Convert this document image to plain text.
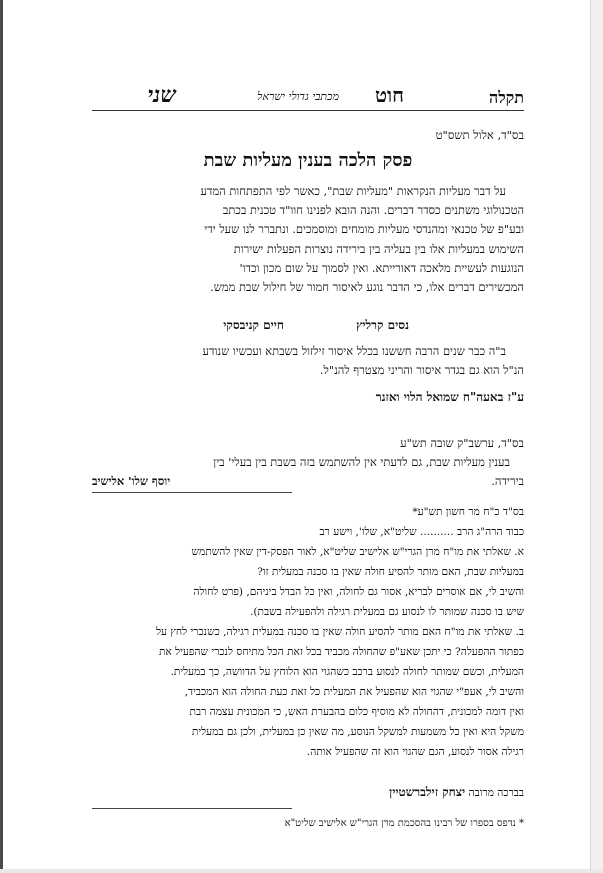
תקלה
חוט
מכתבי גדולי ישראל
שני
בס"ד, אלול תשס"ט
פסק הלכה בענין מעליות שבת
על דבר מעליות הנקראות "מעליות שבת", כאשר לפי התפתחות המדע
הטכנולוגי משתנים כסדר דברים. והנה הובא לפנינו חוו"ד טכנית בכתב
ובע"פ של טכנאי ומהנדסי מעליות מומחים ומוסמכים. ונתברר לנו שעל ידי
השימוש במעליות אלו בין בעליה בין בירידה נוצרות הפעלות ישירות
הנוגעות לעשיית מלאכה דאורייתא. ואין לסמוך על שום מכון וכדו'
המכשירים דברים אלו, כי הדבר נוגע לאיסור חמור של חילול שבת ממש.
נסים קרליץ
חיים קניבסקי
ב"ה כבר שנים הרבה חששנו בכלל איסור זילזול בשבתא ועכשיו שנודע
הנ"ל הוא גם בגדר איסור והריני מצטרף להנ"ל.
ע"ז באעה"ח שמואל הלוי ואזנר
בס"ד, ערשב"ק שובה תש"ע
בענין מעליות שבת, גם לדעתי אין להשתמש בזה בשבת בין בעלי' בין
בירידה.
יוסף שלו' אלישיב
בס"ד כ"ח מר חשון תש"ע*
כבוד הרה"ג הרב .......... שליט"א, שלו', וישע רב
א. שאלתי את מו"ח מרן הגרי"ש אלישיב שליט"א, לאור הפסק-דין שאין להשתמש
במעליות שבת, האם מותר להסיע חולה שאין בו סכנה במעלית זו?
והשיב לי, אם אוסרים לבריא, אסור גם לחולה, ואין כל הבדל ביניהם, (פרט לחולה
שיש בו סכנה שמותר לו לנסוע גם במעלית רגילה ולהפעילה בשבת).
ב. שאלתי את מו"ח האם מותר להסיע חולה שאין בו סכנה במעלית רגילה, כשנכרי לחץ על
כפתור ההפעלה? כי יתכן שאע"פ שהחולה מכביד בכל זאת הכל מתיחס לנכרי שהפעיל את
המעלית, וכשם שמותר לחולה לנסוע ברכב כשהגוי הוא הלוחץ על הדוושה, כך במעלית.
והשיב לי, אעפ"י שהגוי הוא שהפעיל את המעלית כל זאת כעת החולה הוא המכביד,
ואין דומה למכונית, דהחולה לא מוסיף כלום בהבערת האש, כי המכונית עצמה רבת
משקל היא ואין כל משמעות למשקל הנוסע, מה שאין כן במעלית, ולכן גם במעלית
רגילה אסור לנסוע, הגם שהגוי הוא זה שהפעיל אותה.
בברכה מרובה יצחק זילברשטיין
* נדפס בספרו של רבינו בהסכמת מרן הגרי"ש אלישיב שליט"א
